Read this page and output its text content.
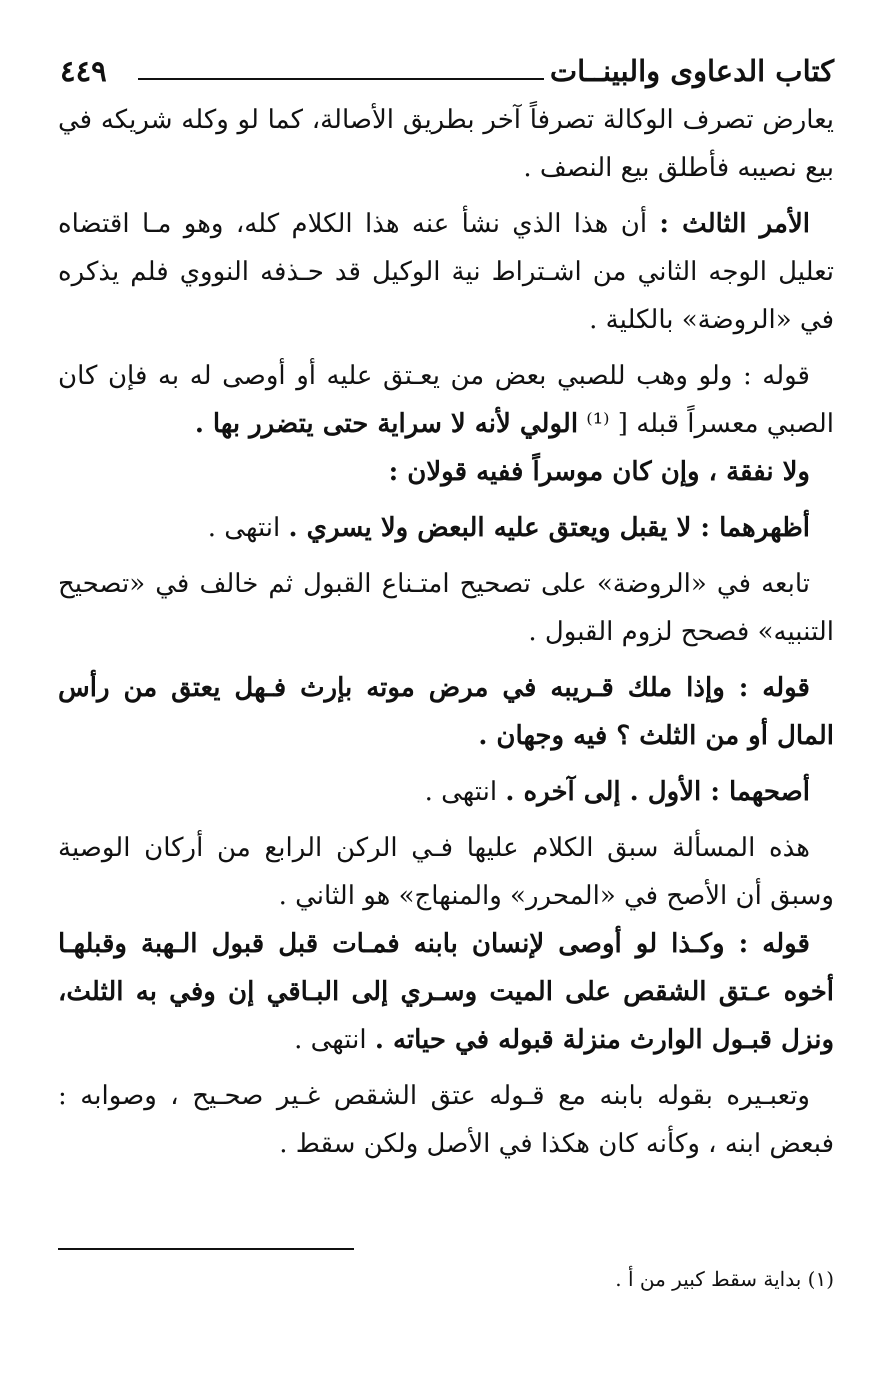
كتاب الدعاوى والبينــات
٤٤٩

يعارض تصرف الوكالة تصرفاً آخر بطريق الأصالة، كما لو وكله شريكه في بيع نصيبه فأطلق بيع النصف .

الأمر الثالث : أن هذا الذي نشأ عنه هذا الكلام كله، وهو مـا اقتضاه تعليل الوجه الثاني من اشـتراط نية الوكيل قد حـذفه النووي فلم يذكره في «الروضة» بالكلية .

قوله : ولو وهب للصبي بعض من يعـتق عليه أو أوصى له به فإن كان الصبي معسراً قبله [ ⁽¹⁾ الولي لأنه لا سراية حتى يتضرر بها .

ولا نفقة ، وإن كان موسراً ففيه قولان :

أظهرهما : لا يقبل ويعتق عليه البعض ولا يسري . انتهى .

تابعه في «الروضة» على تصحيح امتـناع القبول ثم خالف في «تصحيح التنبيه» فصحح لزوم القبول .

قوله : وإذا ملك قـريبه في مرض موته بإرث فـهل يعتق من رأس المال أو من الثلث ؟ فيه وجهان .

أصحهما : الأول . إلى آخره . انتهى .

هذه المسألة سبق الكلام عليها فـي الركن الرابع من أركان الوصية وسبق أن الأصح في «المحرر» والمنهاج» هو الثاني .

قوله : وكـذا لو أوصى لإنسان بابنه فمـات قبل قبول الـهبة وقبلهـا أخوه عـتق الشقص على الميت وسـري إلى البـاقي إن وفي به الثلث، ونزل قبـول الوارث منزلة قبوله في حياته . انتهى .

وتعبـيره بقوله بابنه مع قـوله عتق الشقص غـير صحـيح ، وصوابه : فبعض ابنه ، وكأنه كان هكذا في الأصل ولكن سقط .

(١) بداية سقط كبير من أ .
